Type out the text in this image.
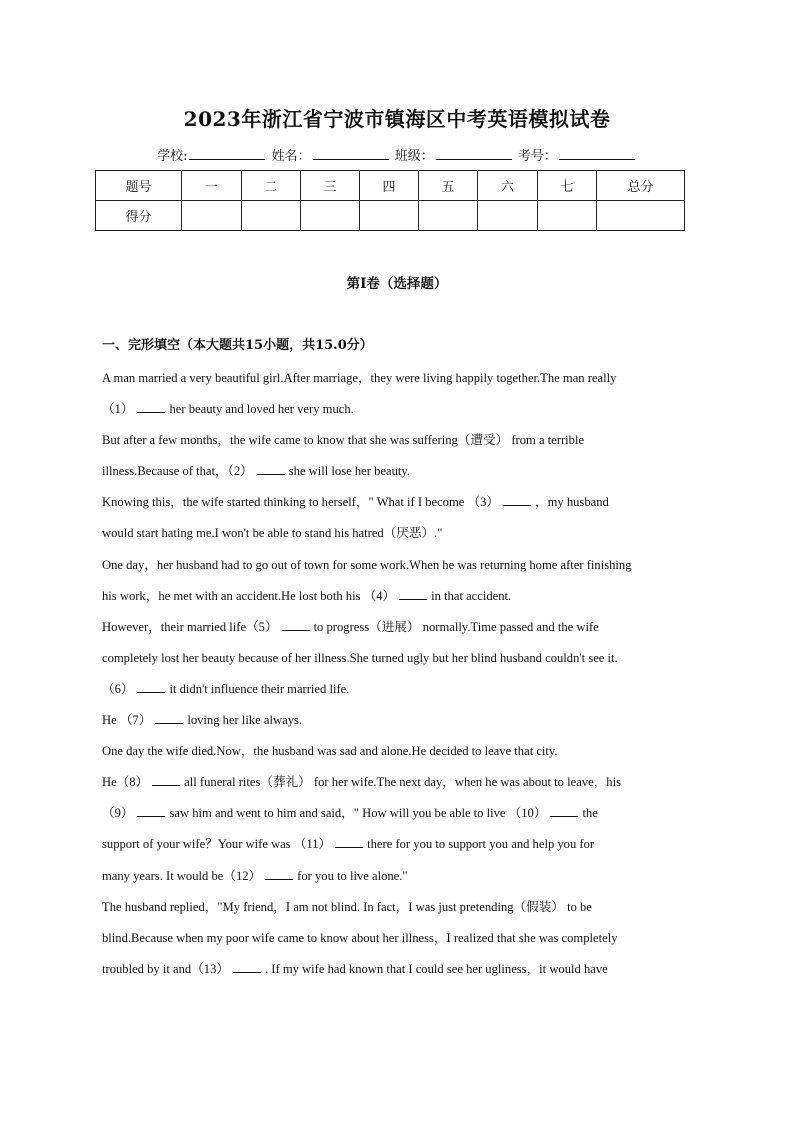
2023年浙江省宁波市镇海区中考英语模拟试卷
学校:	姓名：	班级：	考号：
题号	一	二	三	四	五	六	七	总分
得分								
第I卷（选择题）
一、完形填空（本大题共15小题，共15.0分）
A man married a very beautiful girl.After marriage，they were living happily together.The man really
（1）	her beauty and loved her very much.
But after a few months，the wife came to know that she was suffering（遭受） from a terrible
illness.Because of that，（2）	she will lose her beauty.
Knowing this，the wife started thinking to herself，" What if I become （3）	，my husband
would start hating me.I won't be able to stand his hatred（厌恶）."
One day，her husband had to go out of town for some work.When he was returning home after finishing
his work，he met with an accident.He lost both his （4）	in that accident.
However，their married life（5）	to progress（进展） normally.Time passed and the wife
completely lost her beauty because of her illness.She turned ugly but her blind husband couldn't see it.
（6）	it didn't influence their married life.
He （7）	loving her like always.
One day the wife died.Now，the husband was sad and alone.He decided to leave that city.
He（8）	all funeral rites（葬礼） for her wife.The next day，when he was about to leave，his
（9）	saw him and went to him and said，" How will you be able to live （10）	the
support of your wife？Your wife was （11）	there for you to support you and help you for
many years. It would be（12）	for you to live alone."
The husband replied，"My friend，I am not blind. In fact，I was just pretending（假装） to be
blind.Because when my poor wife came to know about her illness，I realized that she was completely
troubled by it and（13）	. If my wife had known that I could see her ugliness，it would have
